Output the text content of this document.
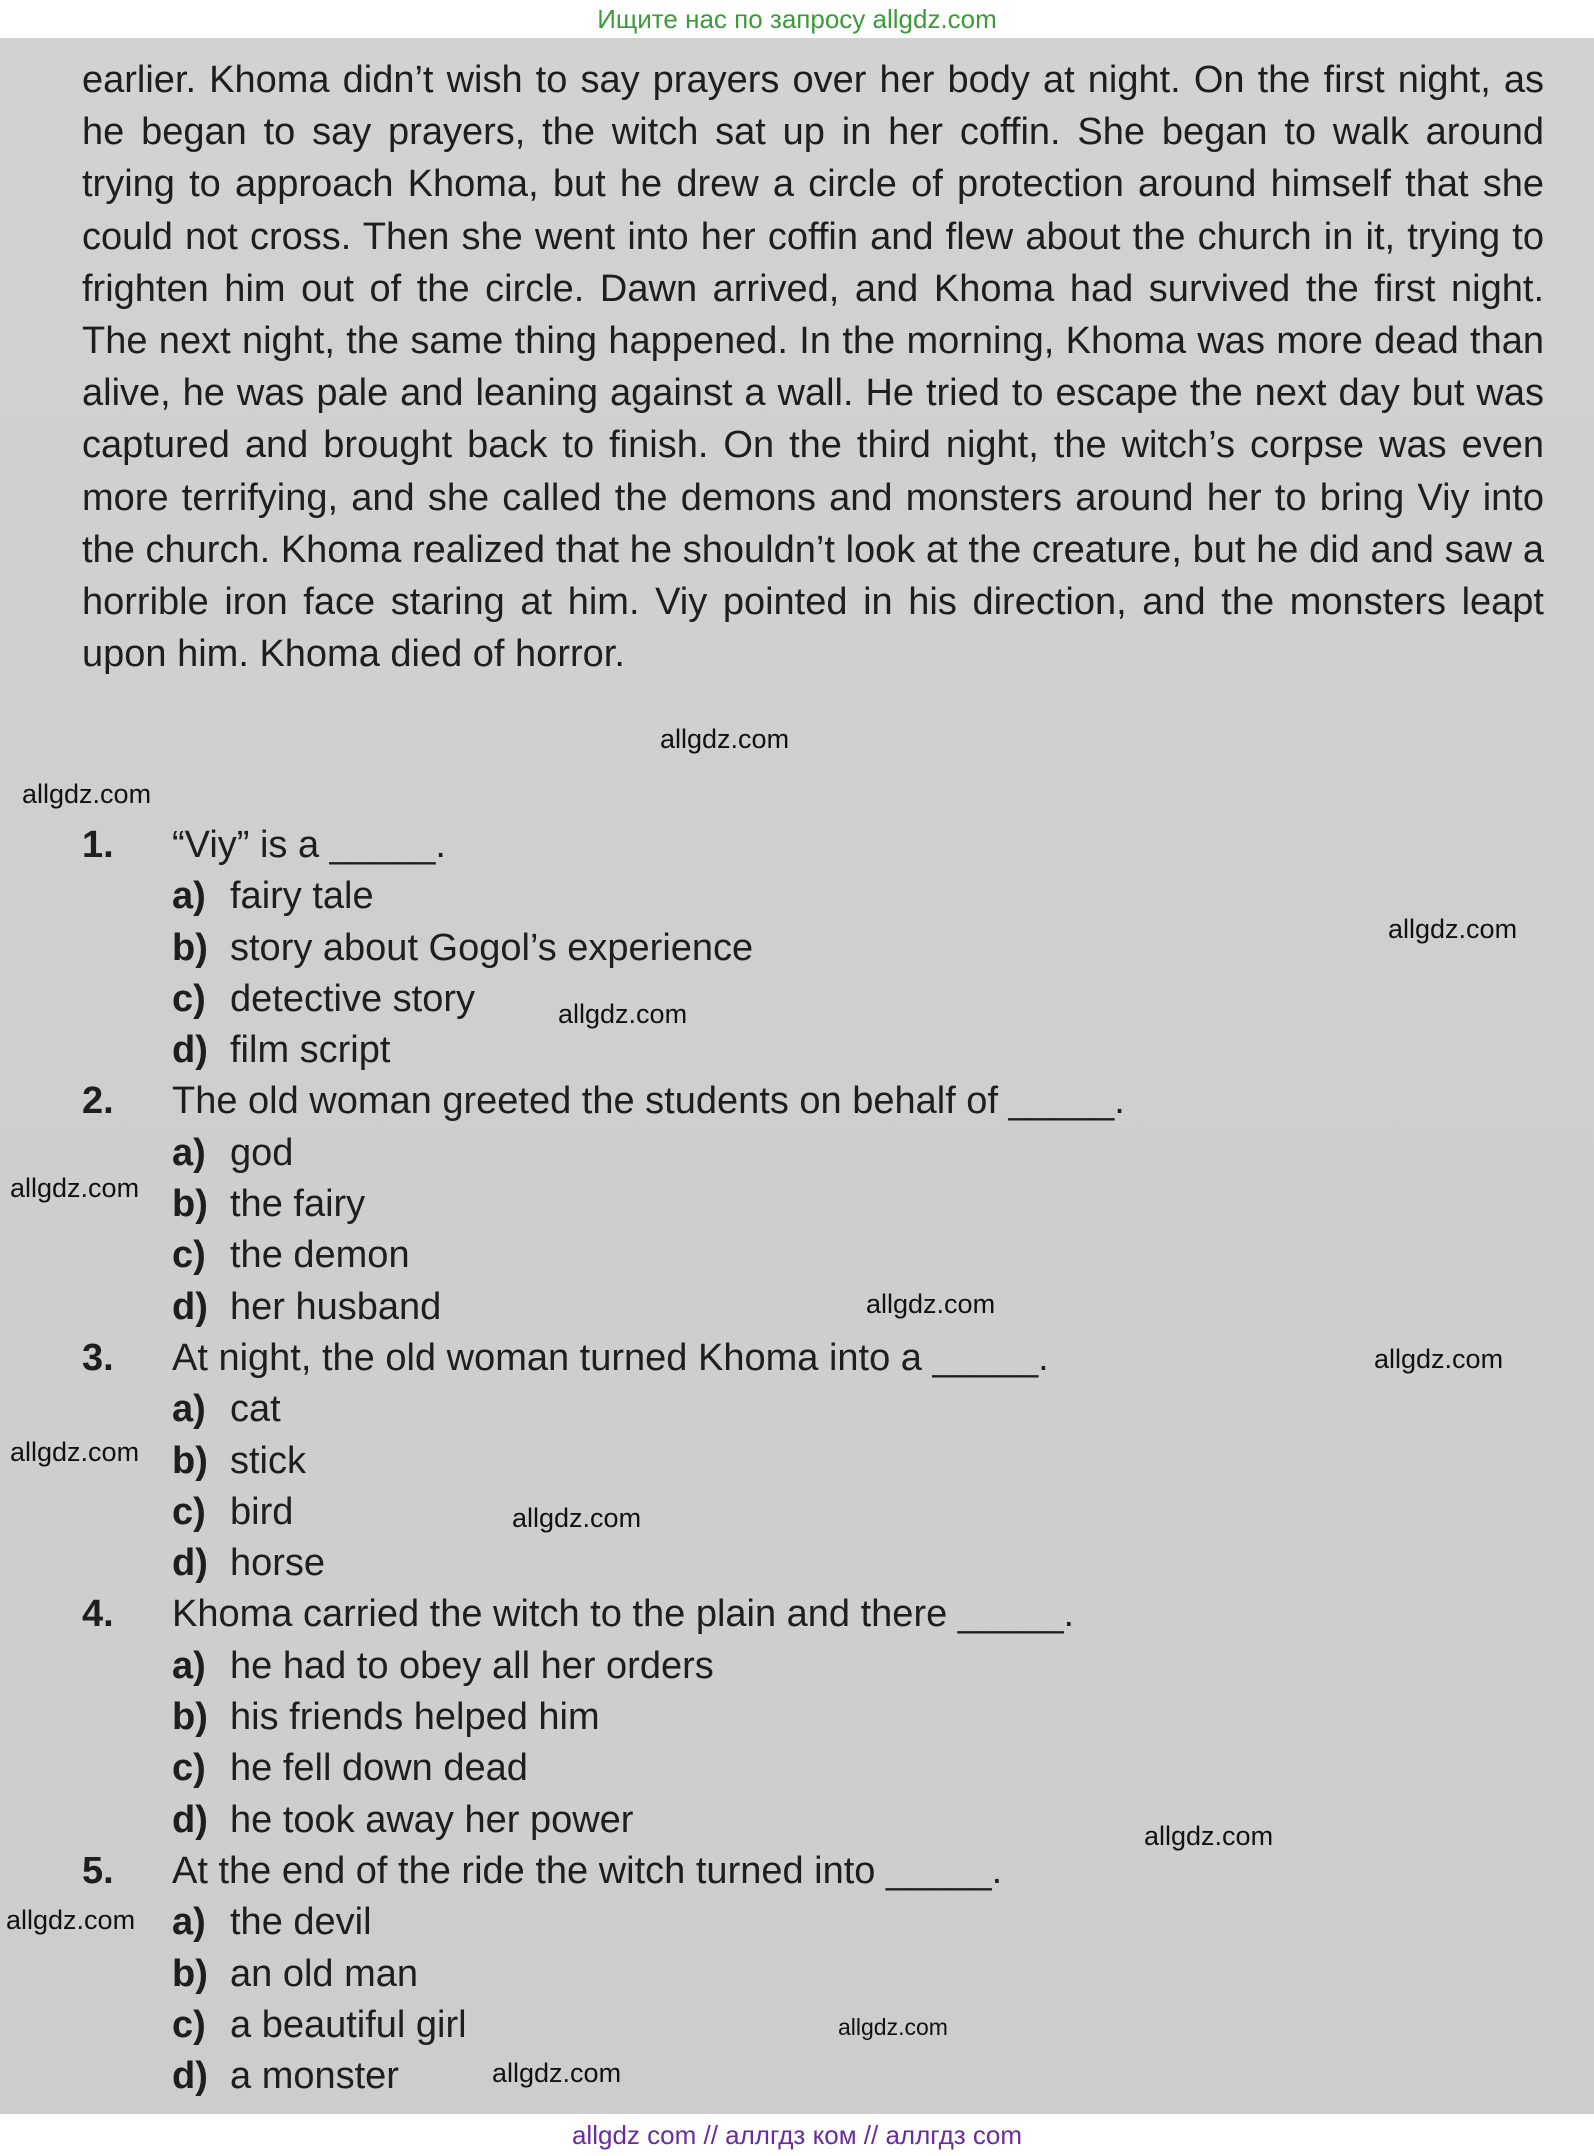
Ищите нас по запросу allgdz.com

earlier. Khoma didn’t wish to say prayers over her body at night. On the first night, as he began to say prayers, the witch sat up in her coffin. She began to walk around trying to approach Khoma, but he drew a circle of protection around himself that she could not cross. Then she went into her coffin and flew about the church in it, trying to frighten him out of the circle. Dawn arrived, and Khoma had survived the first night. The next night, the same thing happened. In the morning, Khoma was more dead than alive, he was pale and leaning against a wall. He tried to escape the next day but was captured and brought back to finish. On the third night, the witch’s corpse was even more terrifying, and she called the demons and monsters around her to bring Viy into the church. Khoma realized that he shouldn’t look at the creature, but he did and saw a horrible iron face staring at him. Viy pointed in his direction, and the monsters leapt upon him. Khoma died of horror.

1. “Viy” is a _____.
a) fairy tale
b) story about Gogol’s experience
c) detective story
d) film script
2. The old woman greeted the students on behalf of _____.
a) god
b) the fairy
c) the demon
d) her husband
3. At night, the old woman turned Khoma into a _____.
a) cat
b) stick
c) bird
d) horse
4. Khoma carried the witch to the plain and there _____.
a) he had to obey all her orders
b) his friends helped him
c) he fell down dead
d) he took away her power
5. At the end of the ride the witch turned into _____.
a) the devil
b) an old man
c) a beautiful girl
d) a monster
allgdz.com
allgdz.com
allgdz.com
allgdz.com
allgdz.com
allgdz.com
allgdz.com
allgdz.com
allgdz.com
allgdz.com
allgdz.com
allgdz.com
allgdz.com
allgdz com // аллгдз ком // аллгдз com
